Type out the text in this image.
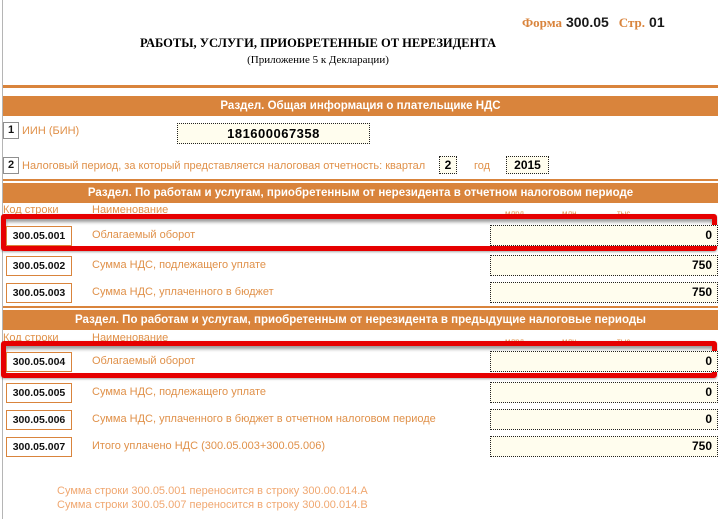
Форма 300.05 Стр. 01
РАБОТЫ, УСЛУГИ, ПРИОБРЕТЕННЫЕ ОТ НЕРЕЗИДЕНТА
(Приложение 5 к Декларации)
Раздел. Общая информация о плательщике НДС
1 ИИН (БИН)	181600067358
2 Налоговый период, за который представляется налоговая отчетность: квартал	2	год	2015
Раздел. По работам и услугам, приобретенным от нерезидента в отчетном налоговом периоде
Код строки	Наименование	млрд.	млн.	тыс.
300.05.001	Облагаемый оборот	0
300.05.002	Сумма НДС, подлежащего уплате	750
300.05.003	Сумма НДС, уплаченного в бюджет	750
Раздел. По работам и услугам, приобретенным от нерезидента в предыдущие налоговые периоды
Код строки	Наименование	млрд.	млн.	тыс.
300.05.004	Облагаемый оборот	0
300.05.005	Сумма НДС, подлежащего уплате	0
300.05.006	Сумма НДС, уплаченного в бюджет в отчетном налоговом периоде	0
300.05.007	Итого уплачено НДС (300.05.003+300.05.006)	750
Сумма строки 300.05.001 переносится в строку 300.00.014.А
Сумма строки 300.05.007 переносится в строку 300.00.014.В
